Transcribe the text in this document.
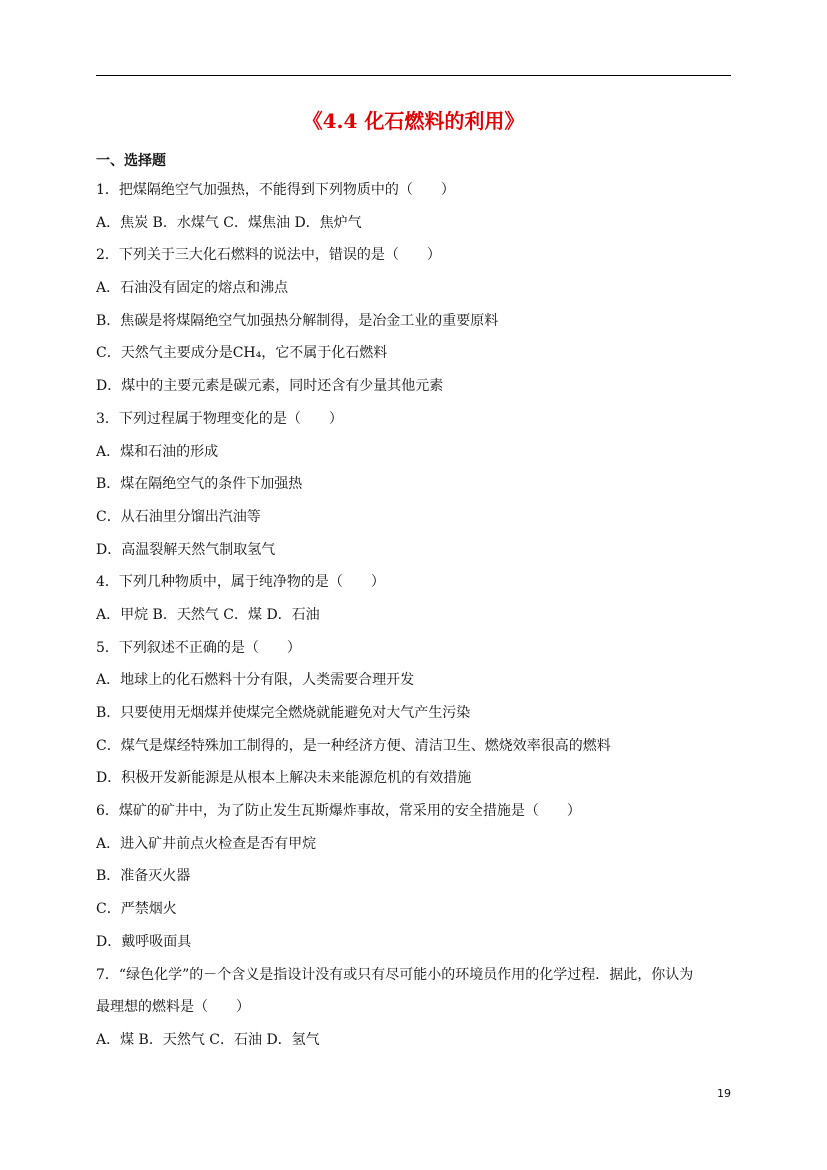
《4.4 化石燃料的利用》
一、选择题
1．把煤隔绝空气加强热，不能得到下列物质中的（　　）
A．焦炭 B．水煤气 C．煤焦油 D．焦炉气
2．下列关于三大化石燃料的说法中，错误的是（　　）
A．石油没有固定的熔点和沸点
B．焦碳是将煤隔绝空气加强热分解制得，是冶金工业的重要原料
C．天然气主要成分是CH₄，它不属于化石燃料
D．煤中的主要元素是碳元素，同时还含有少量其他元素
3．下列过程属于物理变化的是（　　）
A．煤和石油的形成
B．煤在隔绝空气的条件下加强热
C．从石油里分馏出汽油等
D．高温裂解天然气制取氢气
4．下列几种物质中，属于纯净物的是（　　）
A．甲烷 B．天然气 C．煤 D．石油
5．下列叙述不正确的是（　　）
A．地球上的化石燃料十分有限，人类需要合理开发
B．只要使用无烟煤并使煤完全燃烧就能避免对大气产生污染
C．煤气是煤经特殊加工制得的，是一种经济方便、清洁卫生、燃烧效率很高的燃料
D．积极开发新能源是从根本上解决未来能源危机的有效措施
6．煤矿的矿井中，为了防止发生瓦斯爆炸事故，常采用的安全措施是（　　）
A．进入矿井前点火检查是否有甲烷
B．准备灭火器
C．严禁烟火
D．戴呼吸面具
7．“绿色化学”的－个含义是指设计没有或只有尽可能小的环境员作用的化学过程．据此，你认为
最理想的燃料是（　　）
A．煤 B．天然气 C．石油 D．氢气
19
